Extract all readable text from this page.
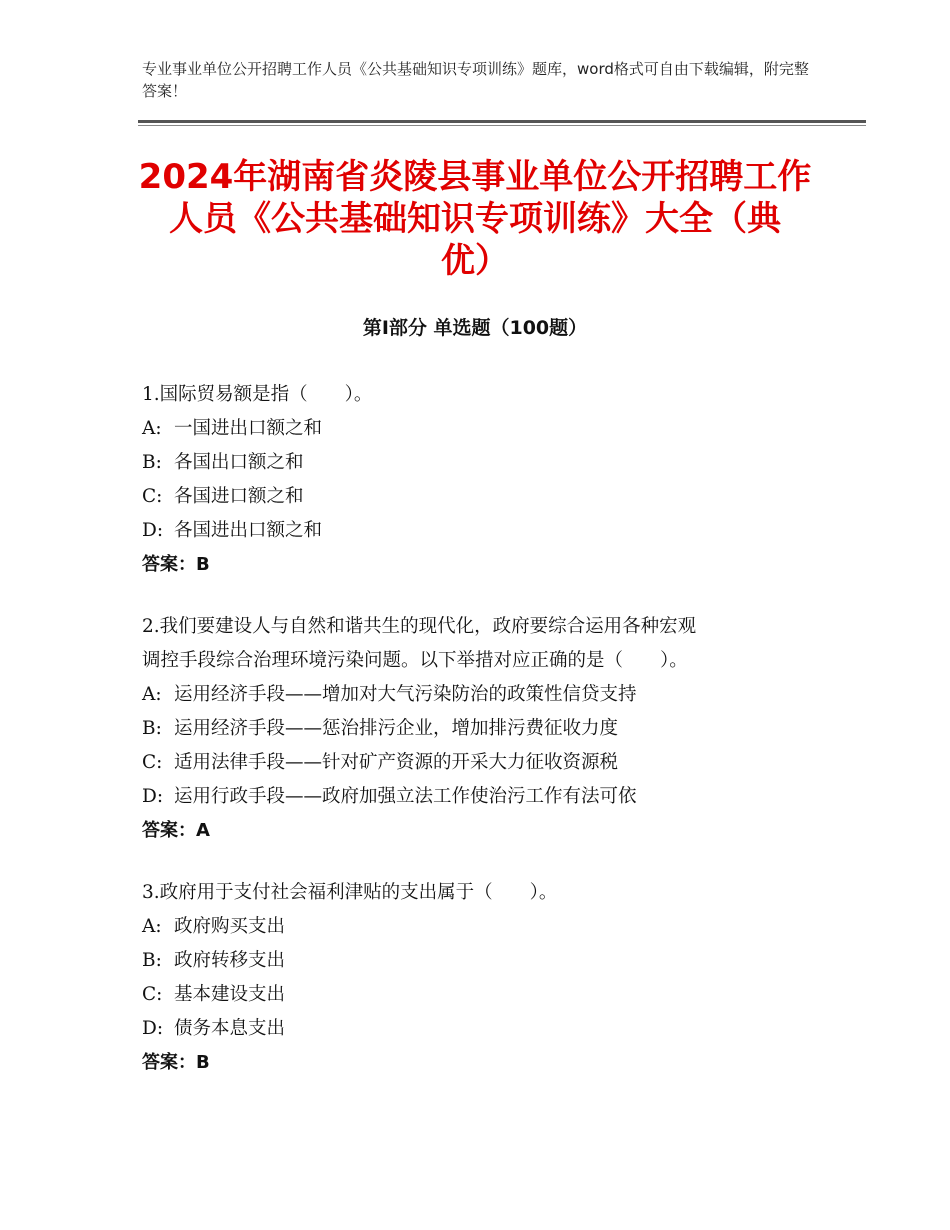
专业事业单位公开招聘工作人员《公共基础知识专项训练》题库，word格式可自由下载编辑，附完整答案！
2024年湖南省炎陵县事业单位公开招聘工作
人员《公共基础知识专项训练》大全（典
优）
第Ⅰ部分 单选题（100题）
1.国际贸易额是指（　　）。
A: 一国进出口额之和
B: 各国出口额之和
C: 各国进口额之和
D: 各国进出口额之和
答案：B
2.我们要建设人与自然和谐共生的现代化，政府要综合运用各种宏观
调控手段综合治理环境污染问题。以下举措对应正确的是（　　）。
A: 运用经济手段——增加对大气污染防治的政策性信贷支持
B: 运用经济手段——惩治排污企业，增加排污费征收力度
C: 适用法律手段——针对矿产资源的开采大力征收资源税
D: 运用行政手段——政府加强立法工作使治污工作有法可依
答案：A
3.政府用于支付社会福利津贴的支出属于（　　）。
A: 政府购买支出
B: 政府转移支出
C: 基本建设支出
D: 债务本息支出
答案：B
